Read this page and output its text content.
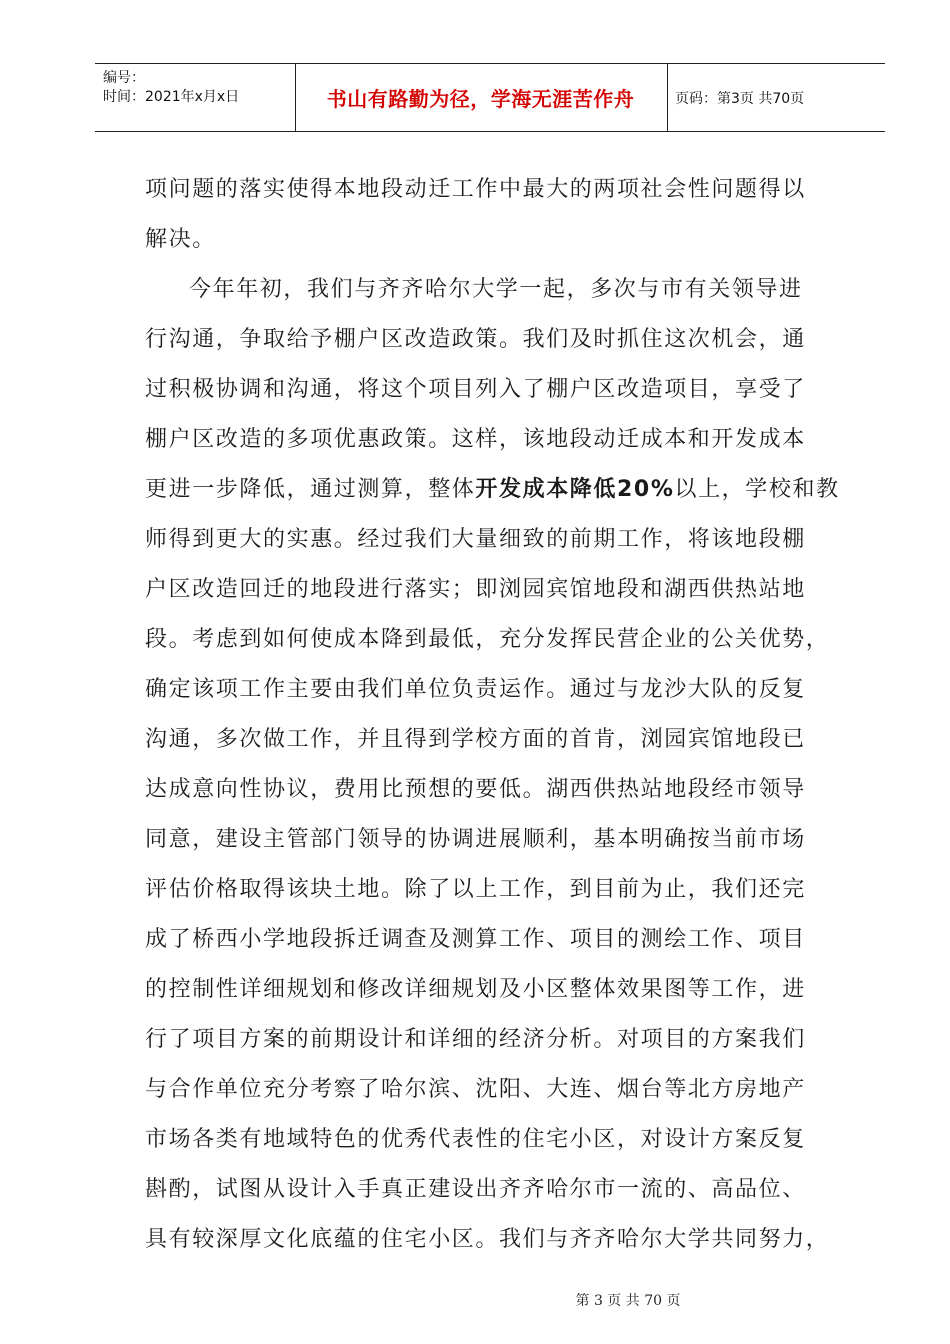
编号：
时间：2021年x月x日	书山有路勤为径，学海无涯苦作舟	页码：第3页 共70页
项问题的落实使得本地段动迁工作中最大的两项社会性问题得以
解决。
今年年初，我们与齐齐哈尔大学一起，多次与市有关领导进
行沟通，争取给予棚户区改造政策。我们及时抓住这次机会，通
过积极协调和沟通，将这个项目列入了棚户区改造项目，享受了
棚户区改造的多项优惠政策。这样，该地段动迁成本和开发成本
更进一步降低，通过测算，整体开发成本降低20%以上，学校和教
师得到更大的实惠。经过我们大量细致的前期工作，将该地段棚
户区改造回迁的地段进行落实；即浏园宾馆地段和湖西供热站地
段。考虑到如何使成本降到最低，充分发挥民营企业的公关优势，
确定该项工作主要由我们单位负责运作。通过与龙沙大队的反复
沟通，多次做工作，并且得到学校方面的首肯，浏园宾馆地段已
达成意向性协议，费用比预想的要低。湖西供热站地段经市领导
同意，建设主管部门领导的协调进展顺利，基本明确按当前市场
评估价格取得该块土地。除了以上工作，到目前为止，我们还完
成了桥西小学地段拆迁调查及测算工作、项目的测绘工作、项目
的控制性详细规划和修改详细规划及小区整体效果图等工作，进
行了项目方案的前期设计和详细的经济分析。对项目的方案我们
与合作单位充分考察了哈尔滨、沈阳、大连、烟台等北方房地产
市场各类有地域特色的优秀代表性的住宅小区，对设计方案反复
斟酌，试图从设计入手真正建设出齐齐哈尔市一流的、高品位、
具有较深厚文化底蕴的住宅小区。我们与齐齐哈尔大学共同努力，
第 3 页 共 70 页
